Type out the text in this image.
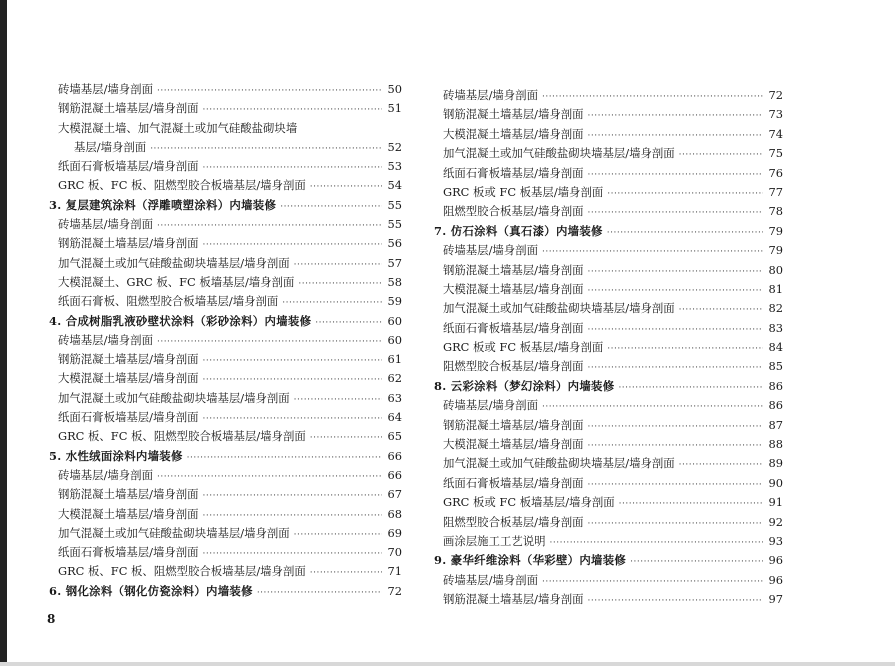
砖墙基层/墙身剖面 ·····	50
钢筋混凝土墙基层/墙身剖面 ·····	51
大模混凝土墙、加气混凝土或加气硅酸盐砌块墙
基层/墙身剖面 ·····	52
纸面石膏板墙基层/墙身剖面 ·····	53
GRC 板、FC 板、阻燃型胶合板墙基层/墙身剖面 ·····	54
3. 复层建筑涂料（浮雕喷塑涂料）内墙装修 ·····	55
砖墙基层/墙身剖面 ·····	55
钢筋混凝土墙基层/墙身剖面 ·····	56
加气混凝土或加气硅酸盐砌块墙基层/墙身剖面 ·····	57
大模混凝土、GRC 板、FC 板墙基层/墙身剖面 ·····	58
纸面石膏板、阻燃型胶合板墙基层/墙身剖面 ·····	59
4. 合成树脂乳液砂壁状涂料（彩砂涂料）内墙装修 ·····	60
砖墙基层/墙身剖面 ·····	60
钢筋混凝土墙基层/墙身剖面 ·····	61
大模混凝土墙基层/墙身剖面 ·····	62
加气混凝土或加气硅酸盐砌块墙基层/墙身剖面 ·····	63
纸面石膏板墙基层/墙身剖面 ·····	64
GRC 板、FC 板、阻燃型胶合板墙基层/墙身剖面 ·····	65
5. 水性绒面涂料内墙装修 ·····	66
砖墙基层/墙身剖面 ·····	66
钢筋混凝土墙基层/墙身剖面 ·····	67
大模混凝土墙基层/墙身剖面 ·····	68
加气混凝土或加气硅酸盐砌块墙基层/墙身剖面 ·····	69
纸面石膏板墙基层/墙身剖面 ·····	70
GRC 板、FC 板、阻燃型胶合板墙基层/墙身剖面 ·····	71
6. 钢化涂料（钢化仿瓷涂料）内墙装修 ·····	72
砖墙基层/墙身剖面 ·····	72
钢筋混凝土墙基层/墙身剖面 ·····	73
大模混凝土墙基层/墙身剖面 ·····	74
加气混凝土或加气硅酸盐砌块墙基层/墙身剖面 ·····	75
纸面石膏板墙基层/墙身剖面 ·····	76
GRC 板或 FC 板基层/墙身剖面 ·····	77
阻燃型胶合板基层/墙身剖面 ·····	78
7. 仿石涂料（真石漆）内墙装修 ·····	79
砖墙基层/墙身剖面 ·····	79
钢筋混凝土墙基层/墙身剖面 ·····	80
大模混凝土墙基层/墙身剖面 ·····	81
加气混凝土或加气硅酸盐砌块墙基层/墙身剖面 ·····	82
纸面石膏板墙基层/墙身剖面 ·····	83
GRC 板或 FC 板基层/墙身剖面 ·····	84
阻燃型胶合板基层/墙身剖面 ·····	85
8. 云彩涂料（梦幻涂料）内墙装修 ·····	86
砖墙基层/墙身剖面 ·····	86
钢筋混凝土墙基层/墙身剖面 ·····	87
大模混凝土墙基层/墙身剖面 ·····	88
加气混凝土或加气硅酸盐砌块墙基层/墙身剖面 ·····	89
纸面石膏板墙基层/墙身剖面 ·····	90
GRC 板或 FC 板墙基层/墙身剖面 ·····	91
阻燃型胶合板基层/墙身剖面 ·····	92
画涂层施工工艺说明 ·····	93
9. 豪华纤维涂料（华彩壁）内墙装修 ·····	96
砖墙基层/墙身剖面 ·····	96
钢筋混凝土墙基层/墙身剖面 ·····	97
8
